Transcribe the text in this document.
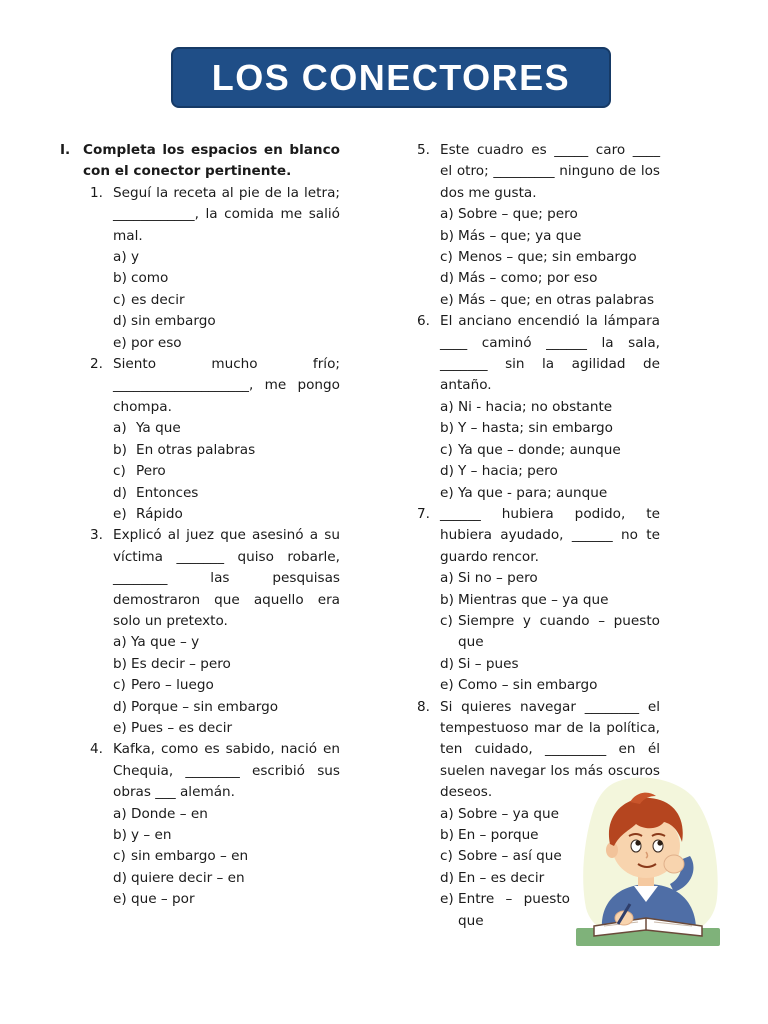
LOS CONECTORES
I. Completa los espacios en blanco con el conector pertinente.
1. Seguí la receta al pie de la letra; ____________, la comida me salió mal.
a) y
b) como
c) es decir
d) sin embargo
e) por eso
2. Siento mucho frío; ____________________, me pongo chompa.
a) Ya que
b) En otras palabras
c) Pero
d) Entonces
e) Rápido
3. Explicó al juez que asesinó a su víctima _______ quiso robarle, ________ las pesquisas demostraron que aquello era solo un pretexto.
a) Ya que – y
b) Es decir – pero
c) Pero – luego
d) Porque – sin embargo
e) Pues – es decir
4. Kafka, como es sabido, nació en Chequia, ________ escribió sus obras ___ alemán.
a) Donde – en
b) y – en
c) sin embargo – en
d) quiere decir – en
e) que – por
5. Este cuadro es _____ caro ____ el otro; _________ ninguno de los dos me gusta.
a) Sobre – que; pero
b) Más – que; ya que
c) Menos – que; sin embargo
d) Más – como; por eso
e) Más – que; en otras palabras
6. El anciano encendió la lámpara ____ caminó ______ la sala, _______ sin la agilidad de antaño.
a) Ni - hacia; no obstante
b) Y – hasta; sin embargo
c) Ya que – donde; aunque
d) Y – hacia; pero
e) Ya que - para; aunque
7. ______ hubiera podido, te hubiera ayudado, ______ no te guardo rencor.
a) Si no – pero
b) Mientras que – ya que
c) Siempre y cuando – puesto que
d) Si – pues
e) Como – sin embargo
8. Si quieres navegar ________ el tempestuoso mar de la política, ten cuidado, _________ en él suelen navegar los más oscuros deseos.
a) Sobre – ya que
b) En – porque
c) Sobre – así que
d) En – es decir
e) Entre – puesto que
